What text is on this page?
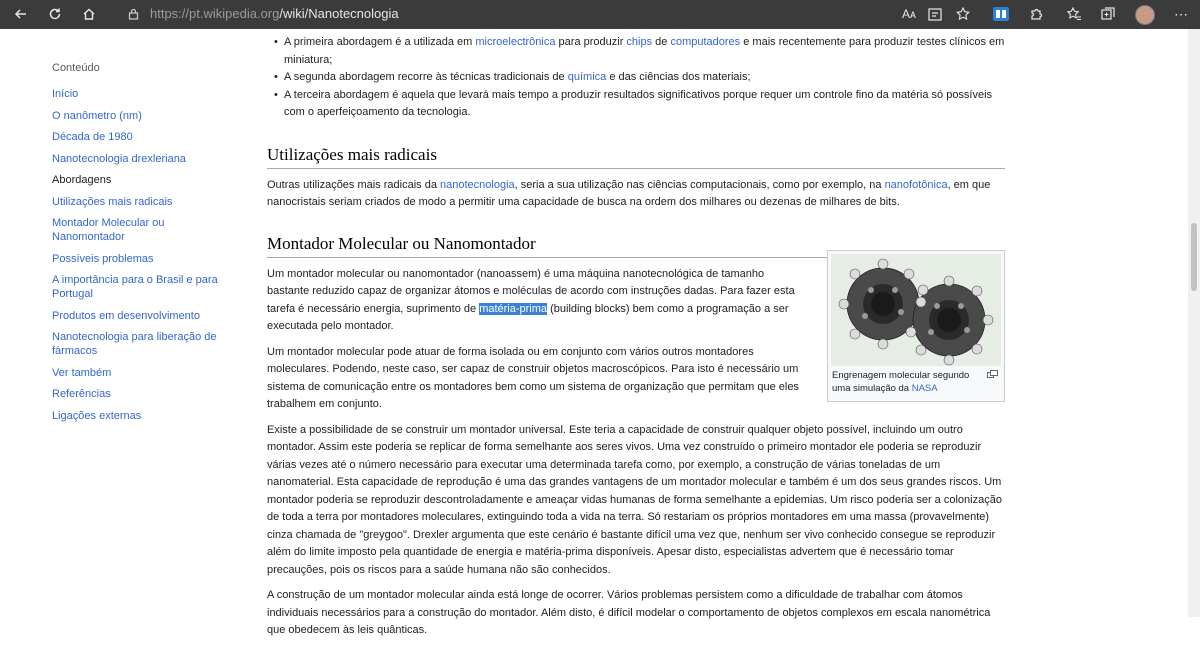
https://pt.wikipedia.org/wiki/Nanotecnologia	Aᴀ	⋯
Conteúdo
Início
O nanômetro (nm)
Década de 1980
Nanotecnologia drexleriana
Abordagens
Utilizações mais radicais
Montador Molecular ou Nanomontador
Possíveis problemas
A importância para o Brasil e para Portugal
Produtos em desenvolvimento
Nanotecnologia para liberação de fármacos
Ver também
Referências
Ligações externas
• A primeira abordagem é a utilizada em microelectrônica para produzir chips de computadores e mais recentemente para produzir testes clínicos em miniatura;
• A segunda abordagem recorre às técnicas tradicionais de química e das ciências dos materiais;
• A terceira abordagem é aquela que levará mais tempo a produzir resultados significativos porque requer um controle fino da matéria só possíveis com o aperfeiçoamento da tecnologia.
Utilizações mais radicais

Outras utilizações mais radicais da nanotecnologia, seria a sua utilização nas ciências computacionais, como por exemplo, na nanofotônica, em que nanocristais seriam criados de modo a permitir uma capacidade de busca na ordem dos milhares ou dezenas de milhares de bits.

Montador Molecular ou Nanomontador

Um montador molecular ou nanomontador (nanoassem) é uma máquina nanotecnológica de tamanho bastante reduzido capaz de organizar átomos e moléculas de acordo com instruções dadas. Para fazer esta tarefa é necessário energia, suprimento de matéria-prima (building blocks) bem como a programação a ser executada pelo montador.

Um montador molecular pode atuar de forma isolada ou em conjunto com vários outros montadores moleculares. Podendo, neste caso, ser capaz de construir objetos macroscópicos. Para isto é necessário um sistema de comunicação entre os montadores bem como um sistema de organização que permitam que eles trabalhem em conjunto.

Existe a possibilidade de se construir um montador universal. Este teria a capacidade de construir qualquer objeto possível, incluindo um outro montador. Assim este poderia se replicar de forma semelhante aos seres vivos. Uma vez construído o primeiro montador ele poderia se reproduzir várias vezes até o número necessário para executar uma determinada tarefa como, por exemplo, a construção de várias toneladas de um nanomaterial. Esta capacidade de reprodução é uma das grandes vantagens de um montador molecular e também é um dos seus grandes riscos. Um montador poderia se reproduzir descontroladamente e ameaçar vidas humanas de forma semelhante a epidemias. Um risco poderia ser a colonização de toda a terra por montadores moleculares, extinguindo toda a vida na terra. Só restariam os próprios montadores em uma massa (provavelmente) cinza chamada de "greygoo". Drexler argumenta que este cenário é bastante difícil uma vez que, nenhum ser vivo conhecido consegue se reproduzir além do limite imposto pela quantidade de energia e matéria-prima disponíveis. Apesar disto, especialistas advertem que é necessário tomar precauções, pois os riscos para a saúde humana não são conhecidos.

A construção de um montador molecular ainda está longe de ocorrer. Vários problemas persistem como a dificuldade de trabalhar com átomos individuais necessários para a construção do montador. Além disto, é difícil modelar o comportamento de objetos complexos em escala nanométrica que obedecem às leis quânticas.

Engrenagem molecular segundo uma simulação da NASA
